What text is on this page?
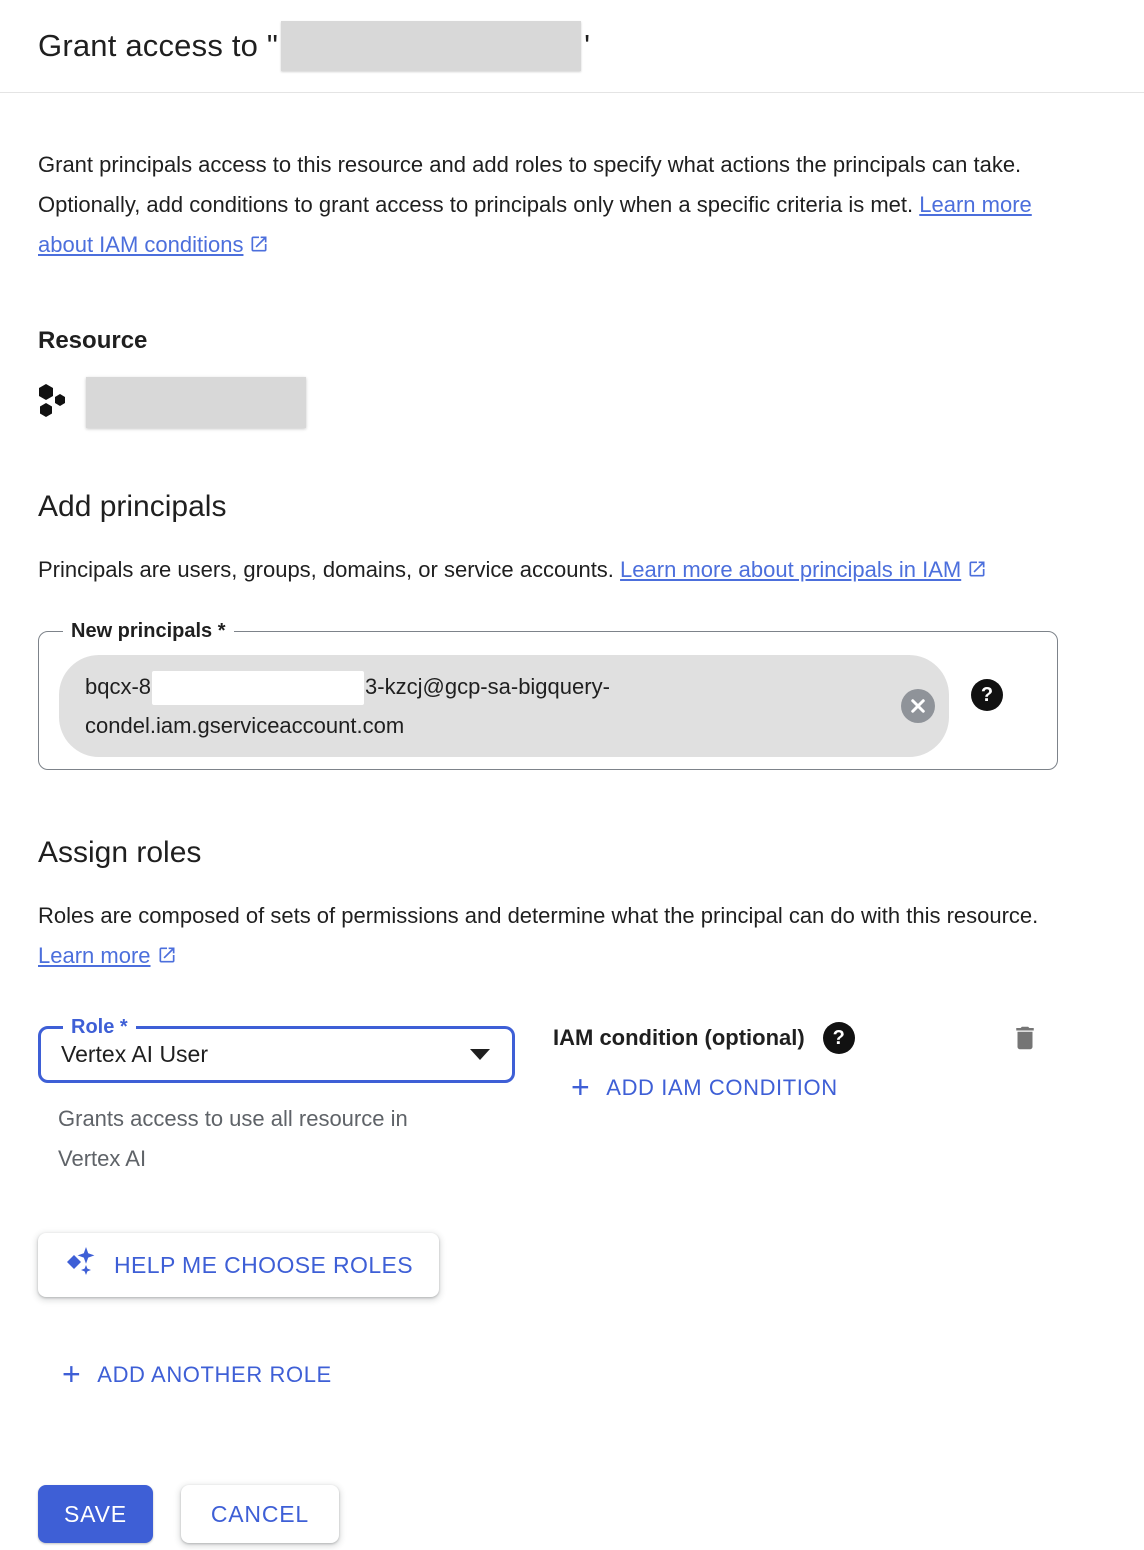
Grant access to "	'

Grant principals access to this resource and add roles to specify what actions the principals can take. Optionally, add conditions to grant access to principals only when a specific criteria is met. Learn more about IAM conditions

Resource
Add principals

Principals are users, groups, domains, or service accounts. Learn more about principals in IAM

New principals *
bqcx-8	3-kzcj@gcp-sa-bigquery-
condel.iam.gserviceaccount.com
?
Assign roles

Roles are composed of sets of permissions and determine what the principal can do with this resource. Learn more

Role *
Vertex AI User

Grants access to use all resource in Vertex AI

IAM condition (optional)	?
+ ADD IAM CONDITION
HELP ME CHOOSE ROLES
+ ADD ANOTHER ROLE
SAVE	CANCEL
